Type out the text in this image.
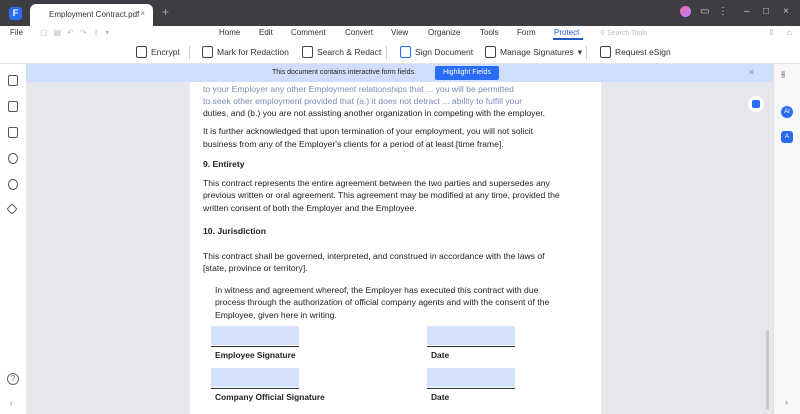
F	Employment Contract.pdf × +	▭ ⋮ – □ ×
File ▢▤↶↷⇪▾	Home Edit Comment Convert View Organize Tools Form Protect	⚲ Search Tools	⇧ ⌂
Encrypt	Mark for Redaction	Search & Redact	Sign Document	Manage Signatures ▾	Request eSign
?
‹
⫵
AI
A
›
This document contains interactive form fields.	Highlight Fields	×
to your Employer any other Employment relationships that ... you will be permitted
to seek other employment provided that (a.) it does not detract ... ability to fulfill your
duties, and (b.) you are not assisting another organization in competing with the employer.
It is further acknowledged that upon termination of your employment, you will not solicit
business from any of the Employer's clients for a period of at least [time frame].
9. Entirety
This contract represents the entire agreement between the two parties and supersedes any
previous written or oral agreement. This agreement may be modified at any time, provided the
written consent of both the Employer and the Employee.
10. Jurisdiction
This contract shall be governed, interpreted, and construed in accordance with the laws of
[state, province or territory].
In witness and agreement whereof, the Employer has executed this contract with due
process through the authorization of official company agents and with the consent of the
Employee, given here in writing.
Employee Signature	Date
Company Official Signature	Date
